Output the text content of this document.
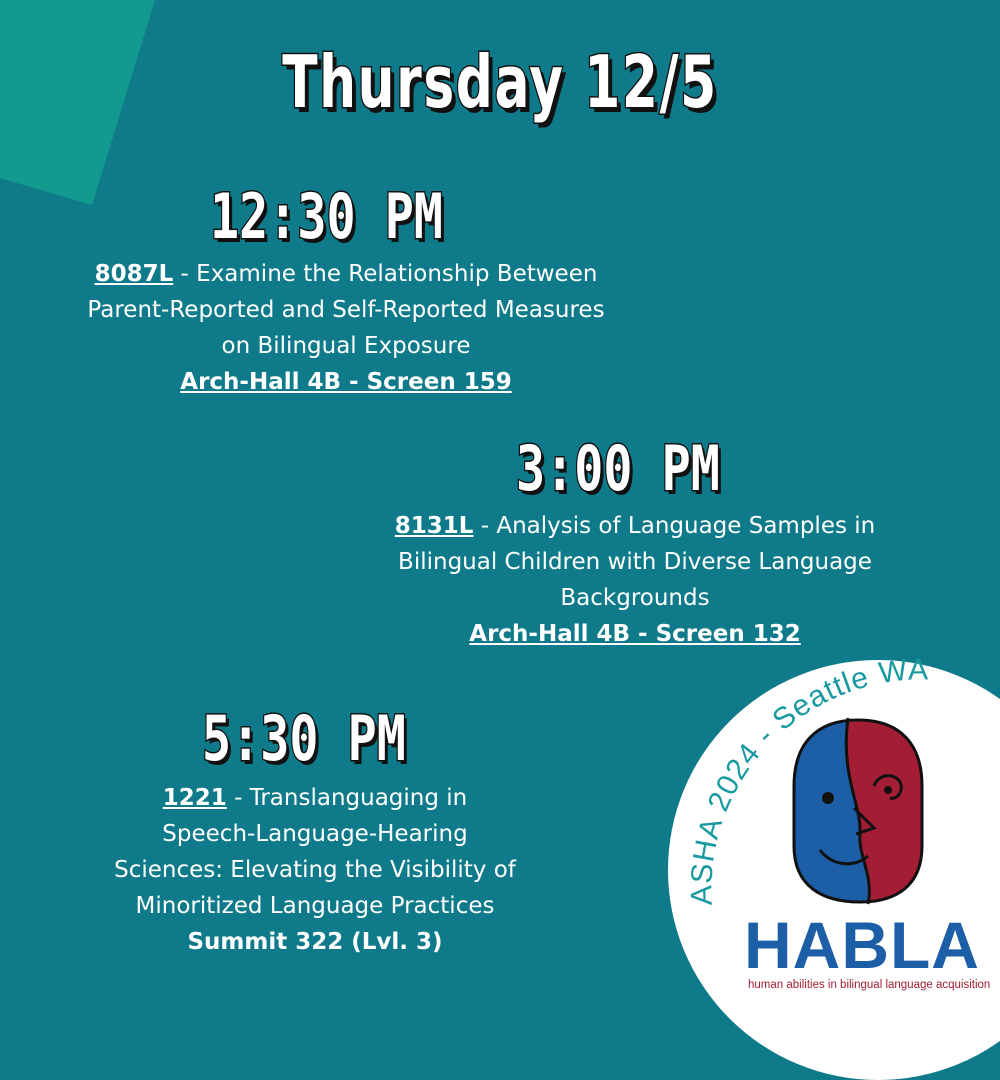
Thursday 12/5
12:30 PM
8087L - Examine the Relationship Between
Parent-Reported and Self-Reported Measures
on Bilingual Exposure
Arch-Hall 4B - Screen 159
3:00 PM
8131L - Analysis of Language Samples in
Bilingual Children with Diverse Language
Backgrounds
Arch-Hall 4B - Screen 132
5:30 PM
1221 - Translanguaging in
Speech-Language-Hearing
Sciences: Elevating the Visibility of
Minoritized Language Practices
Summit 322 (Lvl. 3)
ASHA 2024 - Seattle WA
HABLA
human abilities in bilingual language acquisition
